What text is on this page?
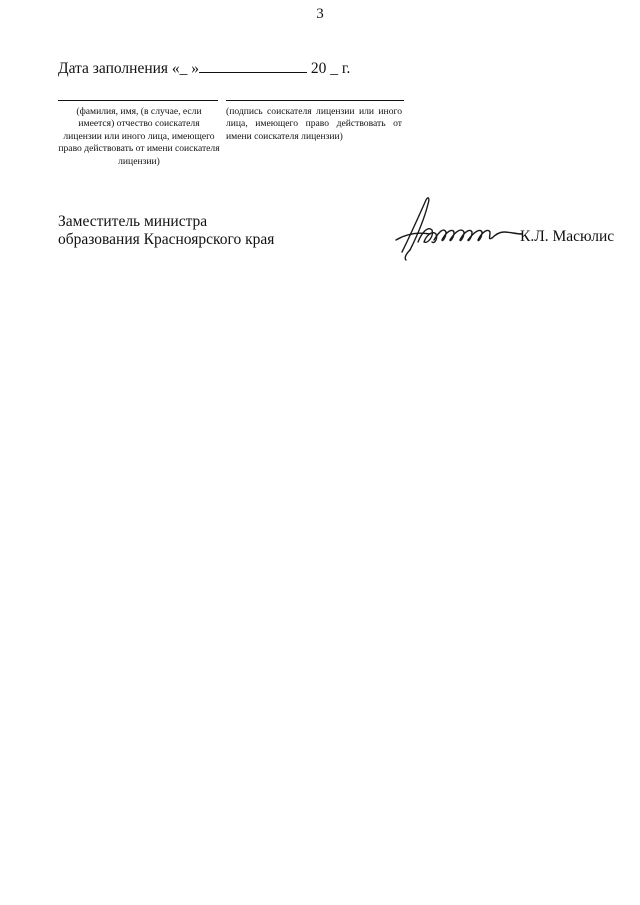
3
Дата заполнения «_ »	20 _ г.
(фамилия, имя, (в случае, если имеется) отчество соискателя лицензии или иного лица, имеющего право действовать от имени соискателя лицензии)
(подпись соискателя лицензии или иного лица, имеющего право действовать от имени соискателя лицензии)
Заместитель министра
образования Красноярского края	К.Л. Масюлис
